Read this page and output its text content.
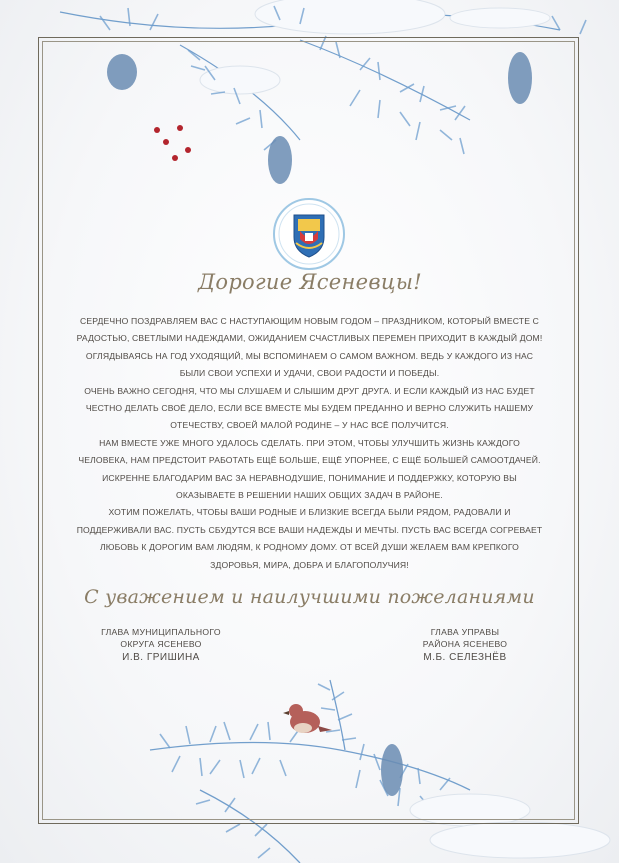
Дорогие Ясеневцы!
СЕРДЕЧНО ПОЗДРАВЛЯЕМ ВАС С НАСТУПАЮЩИМ НОВЫМ ГОДОМ – ПРАЗДНИКОМ, КОТОРЫЙ ВМЕСТЕ С
РАДОСТЬЮ, СВЕТЛЫМИ НАДЕЖДАМИ, ОЖИДАНИЕМ СЧАСТЛИВЫХ ПЕРЕМЕН ПРИХОДИТ В КАЖДЫЙ ДОМ!
ОГЛЯДЫВАЯСЬ НА ГОД УХОДЯЩИЙ, МЫ ВСПОМИНАЕМ О САМОМ ВАЖНОМ. ВЕДЬ У КАЖДОГО ИЗ НАС
БЫЛИ СВОИ УСПЕХИ И УДАЧИ, СВОИ РАДОСТИ И ПОБЕДЫ.
ОЧЕНЬ ВАЖНО СЕГОДНЯ, ЧТО МЫ СЛУШАЕМ И СЛЫШИМ ДРУГ ДРУГА. И ЕСЛИ КАЖДЫЙ ИЗ НАС БУДЕТ
ЧЕСТНО ДЕЛАТЬ СВОЁ ДЕЛО, ЕСЛИ ВСЕ ВМЕСТЕ МЫ БУДЕМ ПРЕДАННО И ВЕРНО СЛУЖИТЬ НАШЕМУ
ОТЕЧЕСТВУ, СВОЕЙ МАЛОЙ РОДИНЕ – У НАС ВСЁ ПОЛУЧИТСЯ.
НАМ ВМЕСТЕ УЖЕ МНОГО УДАЛОСЬ СДЕЛАТЬ. ПРИ ЭТОМ, ЧТОБЫ УЛУЧШИТЬ ЖИЗНЬ КАЖДОГО
ЧЕЛОВЕКА, НАМ ПРЕДСТОИТ РАБОТАТЬ ЕЩЁ БОЛЬШЕ, ЕЩЁ УПОРНЕЕ, С ЕЩЁ БОЛЬШЕЙ САМООТДАЧЕЙ.
ИСКРЕННЕ БЛАГОДАРИМ ВАС ЗА НЕРАВНОДУШИЕ, ПОНИМАНИЕ И ПОДДЕРЖКУ, КОТОРУЮ ВЫ
ОКАЗЫВАЕТЕ В РЕШЕНИИ НАШИХ ОБЩИХ ЗАДАЧ В РАЙОНЕ.
ХОТИМ ПОЖЕЛАТЬ, ЧТОБЫ ВАШИ РОДНЫЕ И БЛИЗКИЕ ВСЕГДА БЫЛИ РЯДОМ, РАДОВАЛИ И
ПОДДЕРЖИВАЛИ ВАС. ПУСТЬ СБУДУТСЯ ВСЕ ВАШИ НАДЕЖДЫ И МЕЧТЫ. ПУСТЬ ВАС ВСЕГДА СОГРЕВАЕТ
ЛЮБОВЬ К ДОРОГИМ ВАМ ЛЮДЯМ, К РОДНОМУ ДОМУ. ОТ ВСЕЙ ДУШИ ЖЕЛАЕМ ВАМ КРЕПКОГО
ЗДОРОВЬЯ, МИРА, ДОБРА И БЛАГОПОЛУЧИЯ!
С уважением и наилучшими пожеланиями
ГЛАВА МУНИЦИПАЛЬНОГО
ОКРУГА ЯСЕНЕВО
И.В. ГРИШИНА
ГЛАВА УПРАВЫ
РАЙОНА ЯСЕНЕВО
М.Б. СЕЛЕЗНЁВ
